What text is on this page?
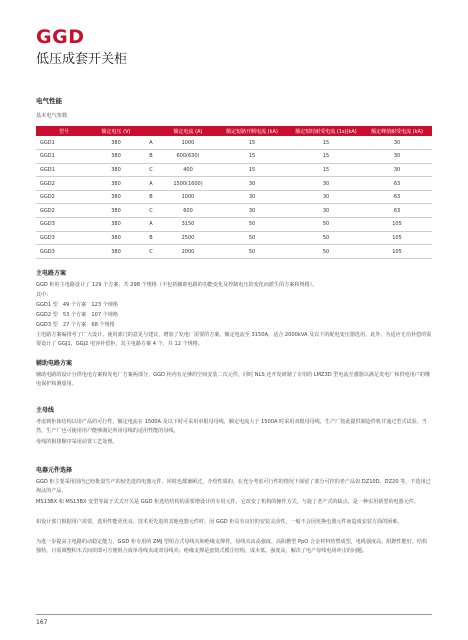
GGD
低压成套开关柜
电气性能
基本电气参数
型号	额定电压 (V)		额定电流 (A)	额定短路开断电流 (kA)	额定短时耐受电流 (1s)(kA)	额定峰值耐受电流 (kA)
GGD1	380	A	1000	15	15	30
GGD1	380	B	600(630)	15	15	30
GGD1	380	C	400	15	15	30
GGD2	380	A	1500(1600)	30	30	63
GGD2	380	B	1000	30	30	63
GGD2	380	C	600	30	30	63
GGD3	380	A	3150	50	50	105
GGD3	380	B	2500	50	50	105
GGD3	380	C	2000	50	50	105
主电路方案
GGD 柜的主电路设计了 129 个方案，共 298 个规格（不包括辅助电路的功能变化及控制电压的变化而派生的方案和规格）。
其中：
GGD1 型　49 个方案　123 个规格
GGD2 型　53 个方案　107 个规格
GGD3 型　27 个方案　68 个规格
主电路方案编排考了广大设计、使用部门的意见与建议，增加了发电厂需要的方案。额定电流至 3150A，适合 2000kVA 及以下的配电变压器选用。此外，为适应无功补偿的需要设计了 GGJ1、GGJ2 电容补偿柜，其主电路方案 4 个，共 12 个规格。
辅助电路方案
辅助电路的设计分供电电方案和发电厂方案两部分，GGD 柜内有足够的空间安装二次元件，同时 NLS 还开发研制了专用的 LMZ3D 型电流互感器以满足发电厂和供电用户的继电保护和测量用。
主母线
考虑到柜体结构以用产品的可行性，额定电流在 1500A 及以下时可采用单根母母线，额定电流大于 1500A 时采用双根母母线，生产厂按此提供制造件机并通过型式试验，当然，生产厂也可使用用户能够满足所用母线的适用性能的母线。
母线的相排顺序采用前置工艺处理。
电器元件选择
GGD 柜主要采用国内已经批量生产的较先进的电器元件，同时也都兼顾过。介绍性质的，在充分考虑可行性的情况下保留了部分可控的老产品如 DZ10D、DZ20 等，不选用已淘汰的产品。
MS13BX 和 MS13BX 变型等属于式式开关是 GGD 柜选结结构的需要增设计的专用元件，它改变了机构的操作方式，与旋了老产式的缺点，是一种实用新型的电器元件。
如设计部门根据用户需要，选用性能更优良、技术更先进的其他电器元件时，因 GGD 柜具有良好的安装灵活性，一般不会因更换电器元件而造成安装方面的困难。
为进一步提高主电路的动稳定能力，GGD 柜专用的 ZMJ 型组合式母线夹和绝缘支撑件，母线夹由高强度、高阻燃型 PpO 合金材料热塑成型，电缆强度高，阻燃性能好。结构独特，只需调整积木式间块即可方便组合成单母线夹或双母线夹；绝缘支撑是套筒式模注结构，成本低、强度高，解决了电产母线电场冲击的问题。
167
